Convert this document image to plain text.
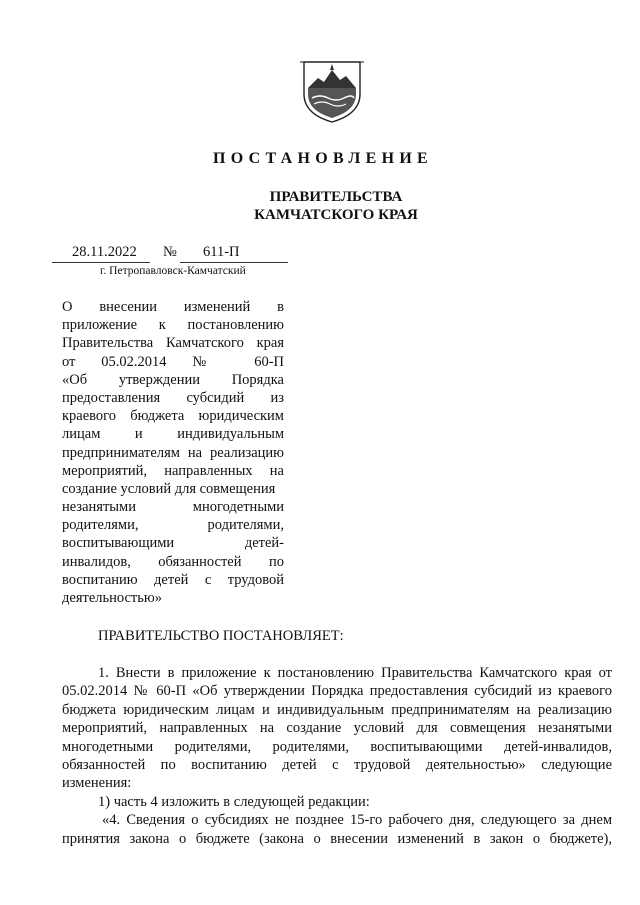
ПОСТАНОВЛЕНИЕ
ПРАВИТЕЛЬСТВА
КАМЧАТСКОГО КРАЯ
28.11.2022 № 611-П
г. Петропавловск-Камчатский
О внесении изменений в
приложение к постановлению
Правительства Камчатского края
от 05.02.2014 № 60-П
«Об утверждении Порядка
предоставления субсидий из
краевого бюджета юридическим
лицам и индивидуальным
предпринимателям на реализацию
мероприятий, направленных на
создание условий для совмещения
незанятыми многодетными
родителями, родителями,
воспитывающими детей-
инвалидов, обязанностей по
воспитанию детей с трудовой
деятельностью»
ПРАВИТЕЛЬСТВО ПОСТАНОВЛЯЕТ:
1. Внести в приложение к постановлению Правительства Камчатского края от
05.02.2014 № 60-П «Об утверждении Порядка предоставления субсидий из краевого
бюджета юридическим лицам и индивидуальным предпринимателям на реализацию
мероприятий, направленных на создание условий для совмещения незанятыми
многодетными родителями, родителями, воспитывающими детей-инвалидов,
обязанностей по воспитанию детей с трудовой деятельностью» следующие
изменения:
1) часть 4 изложить в следующей редакции:
«4. Сведения о субсидиях не позднее 15-го рабочего дня, следующего за днем
принятия закона о бюджете (закона о внесении изменений в закон о бюджете),
